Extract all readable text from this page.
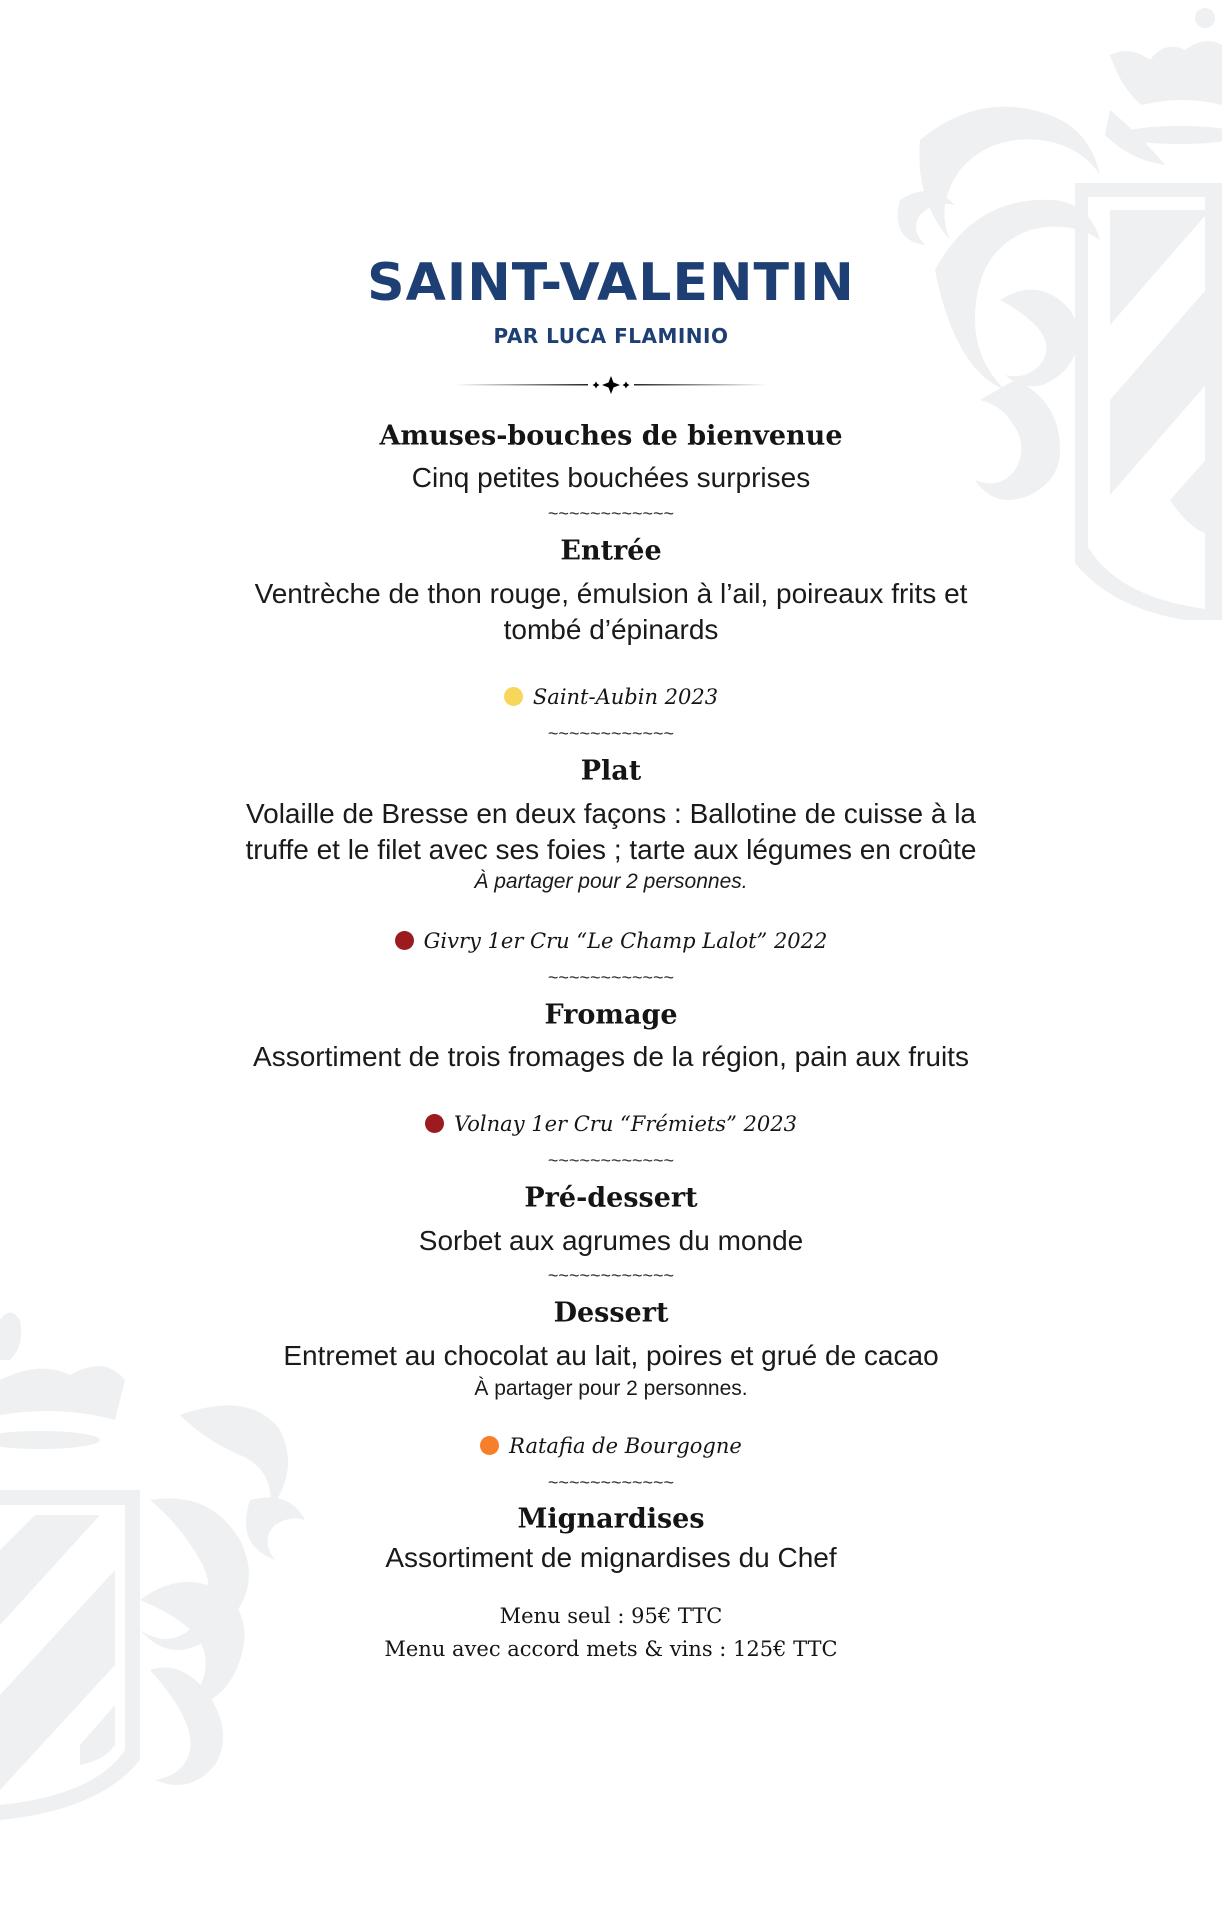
SAINT-VALENTIN
PAR LUCA FLAMINIO
Amuses-bouches de bienvenue
Cinq petites bouchées surprises
~~~~~~~~~~~~
Entrée
Ventrèche de thon rouge, émulsion à l’ail, poireaux frits et
tombé d’épinards
Saint-Aubin 2023
~~~~~~~~~~~~
Plat
Volaille de Bresse en deux façons : Ballotine de cuisse à la
truffe et le filet avec ses foies ; tarte aux légumes en croûte
À partager pour 2 personnes.
Givry 1er Cru “Le Champ Lalot” 2022
~~~~~~~~~~~~
Fromage
Assortiment de trois fromages de la région, pain aux fruits
Volnay 1er Cru “Frémiets” 2023
~~~~~~~~~~~~
Pré-dessert
Sorbet aux agrumes du monde
~~~~~~~~~~~~
Dessert
Entremet au chocolat au lait, poires et grué de cacao
À partager pour 2 personnes.
Ratafia de Bourgogne
~~~~~~~~~~~~
Mignardises
Assortiment de mignardises du Chef
Menu seul : 95€ TTC
Menu avec accord mets & vins : 125€ TTC
